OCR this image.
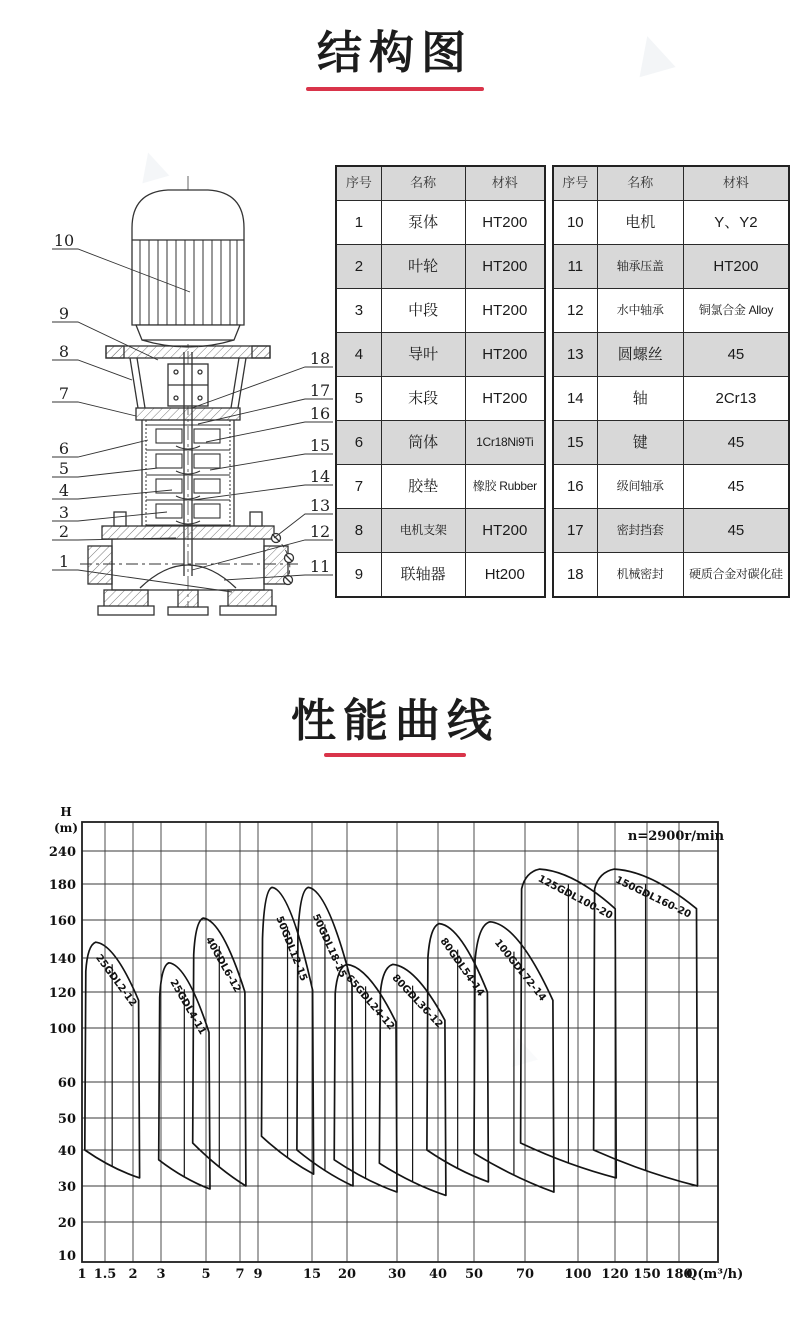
▲
▲
▲
结构图
10
9
8
7
6
5
4
3
2
1
18
17
16
15
14
13
12
11
序号	名称	材料
1	泵体	HT200
2	叶轮	HT200
3	中段	HT200
4	导叶	HT200
5	末段	HT200
6	筒体	1Cr18Ni9Ti
7	胶垫	橡胶 Rubber
8	电机支架	HT200
9	联轴器	Ht200
序号	名称	材料
10	电机	Y、Y2
11	轴承压盖	HT200
12	水中轴承	铜氯合金 Alloy
13	圆螺丝	45
14	轴	2Cr13
15	键	45
16	级间轴承	45
17	密封挡套	45
18	机械密封	硬质合金对碳化硅
性能曲线
1 1.5 2 3	5 7 9	15 20 30 40 50	70 100 120 150 180
240
180
160
140
120
100
60
50
40
30
20
10
H
(m)
Q(m³/h)
n=2900r/min
25GDL2-12	25GDL4-11
40GDL6-12	50GDL12-15 50GDL18-15
65GDL24-12
80GDL36-12
80GDL54-14 100GDL72-14
125GDL100-20 150GDL160-20
